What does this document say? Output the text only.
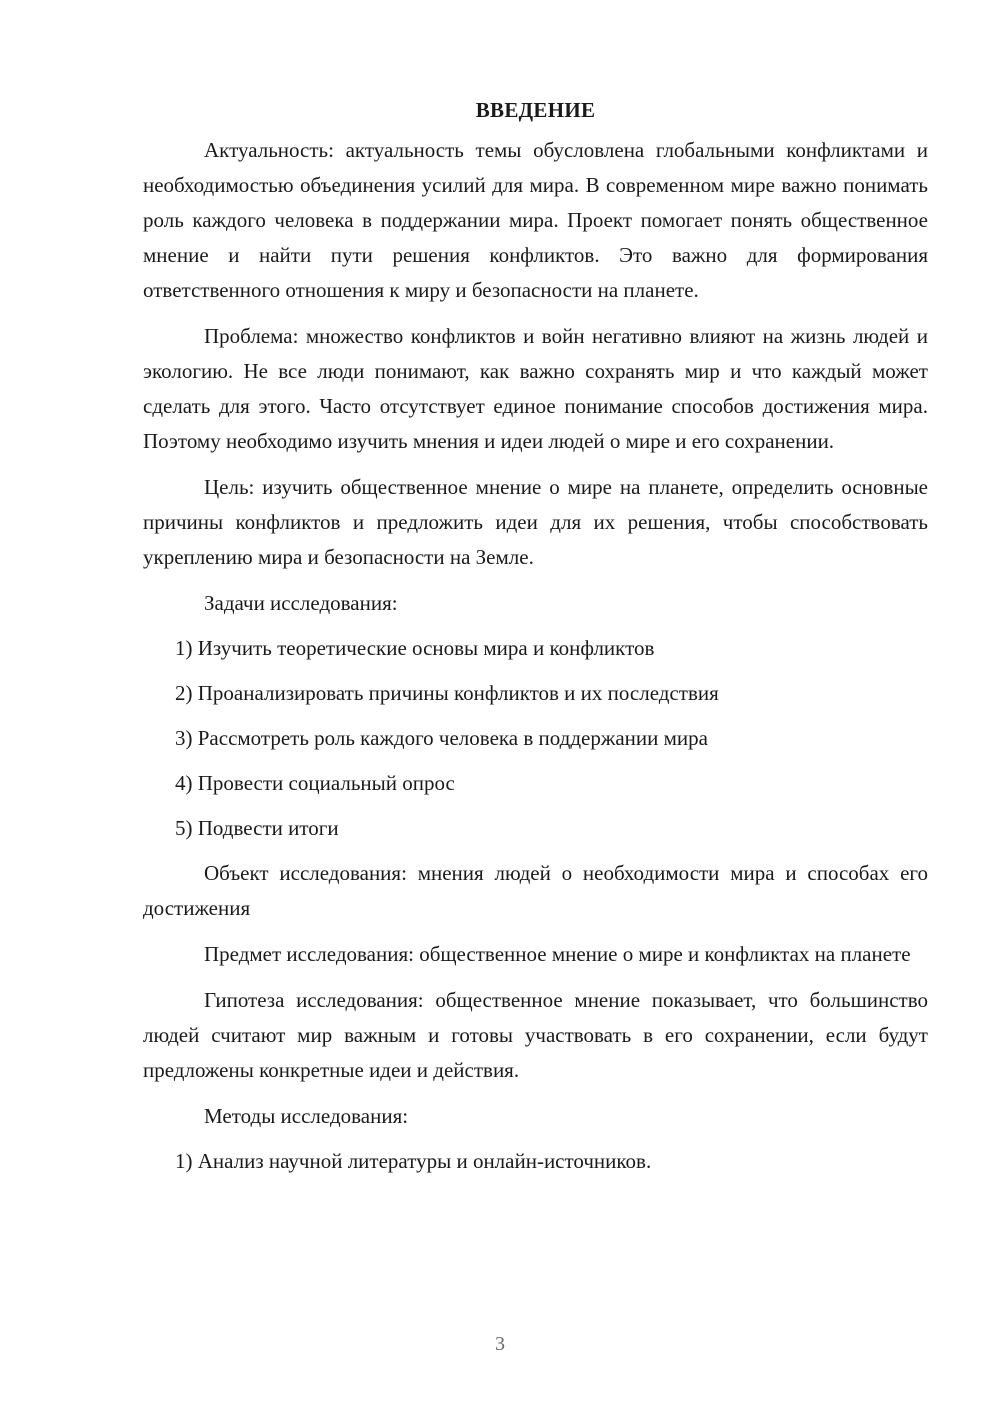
ВВЕДЕНИЕ

Актуальность: актуальность темы обусловлена глобальными конфликтами и необходимостью объединения усилий для мира. В современном мире важно понимать роль каждого человека в поддержании мира. Проект помогает понять общественное мнение и найти пути решения конфликтов. Это важно для формирования ответственного отношения к миру и безопасности на планете.

Проблема: множество конфликтов и войн негативно влияют на жизнь людей и экологию. Не все люди понимают, как важно сохранять мир и что каждый может сделать для этого. Часто отсутствует единое понимание способов достижения мира. Поэтому необходимо изучить мнения и идеи людей о мире и его сохранении.

Цель: изучить общественное мнение о мире на планете, определить основные причины конфликтов и предложить идеи для их решения, чтобы способствовать укреплению мира и безопасности на Земле.

Задачи исследования:
1) Изучить теоретические основы мира и конфликтов
2) Проанализировать причины конфликтов и их последствия
3) Рассмотреть роль каждого человека в поддержании мира
4) Провести социальный опрос
5) Подвести итоги

Объект исследования: мнения людей о необходимости мира и способах его достижения

Предмет исследования: общественное мнение о мире и конфликтах на планете

Гипотеза исследования: общественное мнение показывает, что большинство людей считают мир важным и готовы участвовать в его сохранении, если будут предложены конкретные идеи и действия.

Методы исследования:
1) Анализ научной литературы и онлайн-источников.
3
